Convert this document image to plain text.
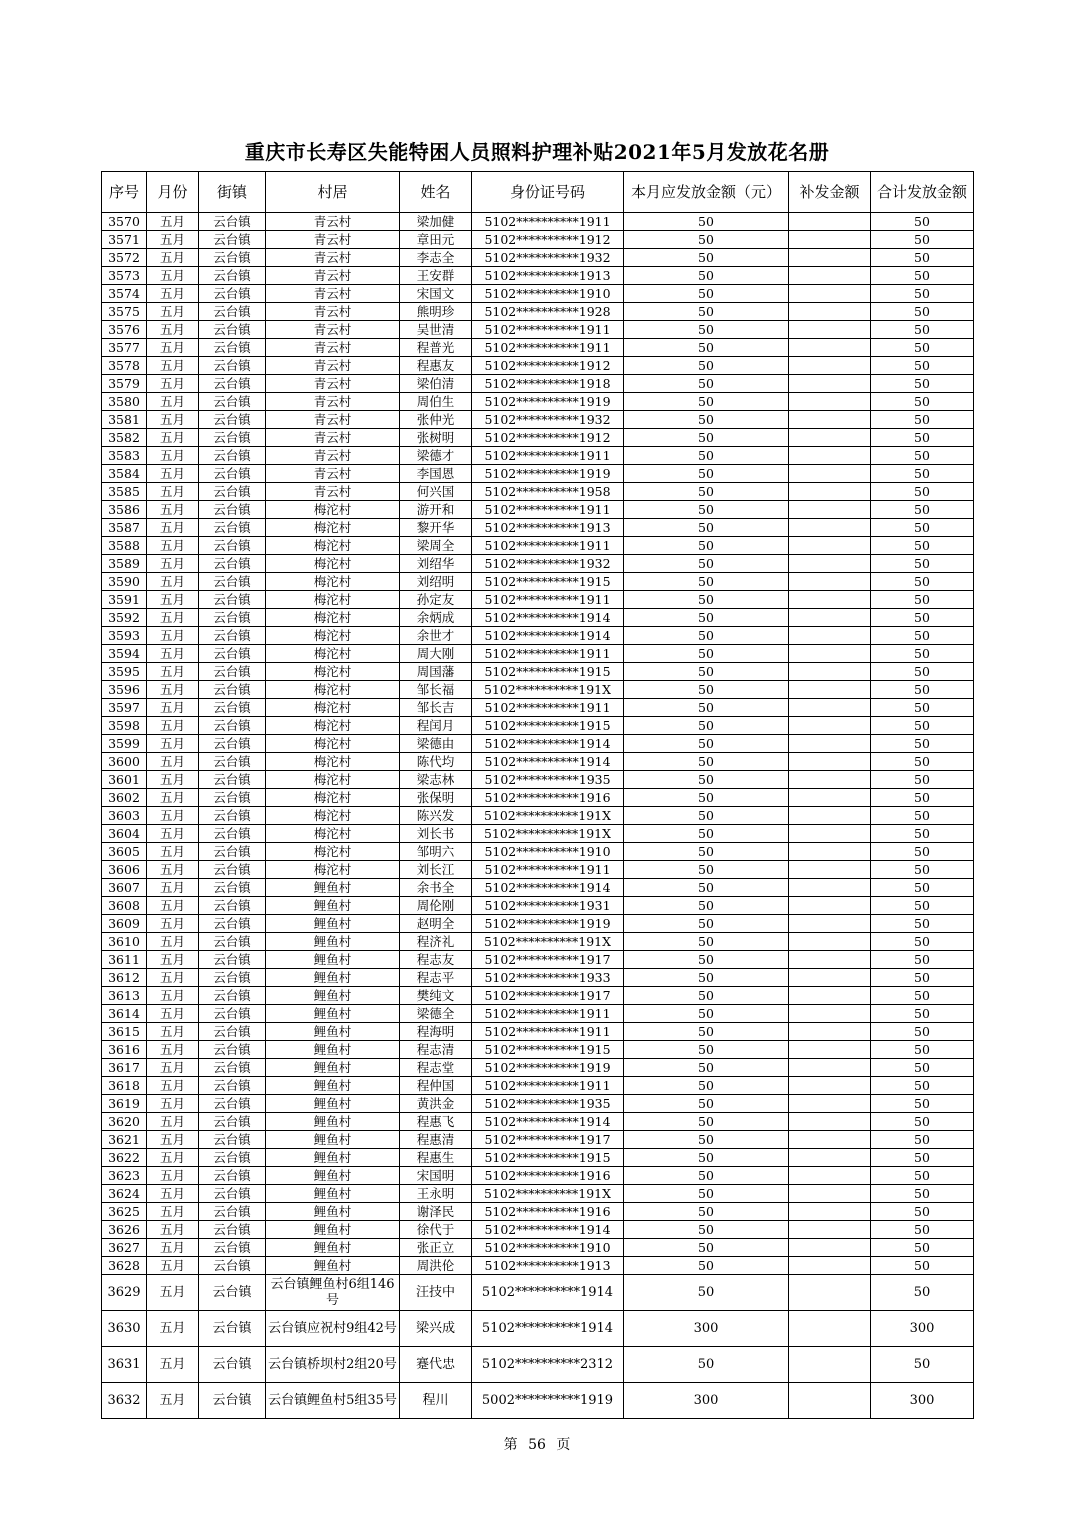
重庆市长寿区失能特困人员照料护理补贴2021年5月发放花名册
序号	月份	街镇	村居	姓名	身份证号码	本月应发放金额（元）	补发金额	合计发放金额
3570	五月	云台镇	青云村	梁加健	5102**********1911	50		50
3571	五月	云台镇	青云村	章田元	5102**********1912	50		50
3572	五月	云台镇	青云村	李志全	5102**********1932	50		50
3573	五月	云台镇	青云村	王安群	5102**********1913	50		50
3574	五月	云台镇	青云村	宋国文	5102**********1910	50		50
3575	五月	云台镇	青云村	熊明珍	5102**********1928	50		50
3576	五月	云台镇	青云村	吴世清	5102**********1911	50		50
3577	五月	云台镇	青云村	程普光	5102**********1911	50		50
3578	五月	云台镇	青云村	程惠友	5102**********1912	50		50
3579	五月	云台镇	青云村	梁伯清	5102**********1918	50		50
3580	五月	云台镇	青云村	周伯生	5102**********1919	50		50
3581	五月	云台镇	青云村	张仲光	5102**********1932	50		50
3582	五月	云台镇	青云村	张树明	5102**********1912	50		50
3583	五月	云台镇	青云村	梁德才	5102**********1911	50		50
3584	五月	云台镇	青云村	李国恩	5102**********1919	50		50
3585	五月	云台镇	青云村	何兴国	5102**********1958	50		50
3586	五月	云台镇	梅沱村	游开和	5102**********1911	50		50
3587	五月	云台镇	梅沱村	黎开华	5102**********1913	50		50
3588	五月	云台镇	梅沱村	梁周全	5102**********1911	50		50
3589	五月	云台镇	梅沱村	刘绍华	5102**********1932	50		50
3590	五月	云台镇	梅沱村	刘绍明	5102**********1915	50		50
3591	五月	云台镇	梅沱村	孙定友	5102**********1911	50		50
3592	五月	云台镇	梅沱村	余炳成	5102**********1914	50		50
3593	五月	云台镇	梅沱村	余世才	5102**********1914	50		50
3594	五月	云台镇	梅沱村	周大刚	5102**********1911	50		50
3595	五月	云台镇	梅沱村	周国藩	5102**********1915	50		50
3596	五月	云台镇	梅沱村	邹长福	5102**********191X	50		50
3597	五月	云台镇	梅沱村	邹长吉	5102**********1911	50		50
3598	五月	云台镇	梅沱村	程闰月	5102**********1915	50		50
3599	五月	云台镇	梅沱村	梁德由	5102**********1914	50		50
3600	五月	云台镇	梅沱村	陈代均	5102**********1914	50		50
3601	五月	云台镇	梅沱村	梁志林	5102**********1935	50		50
3602	五月	云台镇	梅沱村	张保明	5102**********1916	50		50
3603	五月	云台镇	梅沱村	陈兴发	5102**********191X	50		50
3604	五月	云台镇	梅沱村	刘长书	5102**********191X	50		50
3605	五月	云台镇	梅沱村	邹明六	5102**********1910	50		50
3606	五月	云台镇	梅沱村	刘长江	5102**********1911	50		50
3607	五月	云台镇	鲤鱼村	余书全	5102**********1914	50		50
3608	五月	云台镇	鲤鱼村	周伦刚	5102**********1931	50		50
3609	五月	云台镇	鲤鱼村	赵明全	5102**********1919	50		50
3610	五月	云台镇	鲤鱼村	程济礼	5102**********191X	50		50
3611	五月	云台镇	鲤鱼村	程志友	5102**********1917	50		50
3612	五月	云台镇	鲤鱼村	程志平	5102**********1933	50		50
3613	五月	云台镇	鲤鱼村	樊纯文	5102**********1917	50		50
3614	五月	云台镇	鲤鱼村	梁德全	5102**********1911	50		50
3615	五月	云台镇	鲤鱼村	程海明	5102**********1911	50		50
3616	五月	云台镇	鲤鱼村	程志清	5102**********1915	50		50
3617	五月	云台镇	鲤鱼村	程志堂	5102**********1919	50		50
3618	五月	云台镇	鲤鱼村	程仲国	5102**********1911	50		50
3619	五月	云台镇	鲤鱼村	黄洪金	5102**********1935	50		50
3620	五月	云台镇	鲤鱼村	程惠飞	5102**********1914	50		50
3621	五月	云台镇	鲤鱼村	程惠清	5102**********1917	50		50
3622	五月	云台镇	鲤鱼村	程惠生	5102**********1915	50		50
3623	五月	云台镇	鲤鱼村	宋国明	5102**********1916	50		50
3624	五月	云台镇	鲤鱼村	王永明	5102**********191X	50		50
3625	五月	云台镇	鲤鱼村	谢泽民	5102**********1916	50		50
3626	五月	云台镇	鲤鱼村	徐代于	5102**********1914	50		50
3627	五月	云台镇	鲤鱼村	张正立	5102**********1910	50		50
3628	五月	云台镇	鲤鱼村	周洪伦	5102**********1913	50		50
3629	五月	云台镇	云台镇鲤鱼村6组146号	汪技中	5102**********1914	50		50
3630	五月	云台镇	云台镇应祝村9组42号	梁兴成	5102**********1914	300		300
3631	五月	云台镇	云台镇桥坝村2组20号	蹇代忠	5102**********2312	50		50
3632	五月	云台镇	云台镇鲤鱼村5组35号	程川	5002**********1919	300		300
第 56 页
